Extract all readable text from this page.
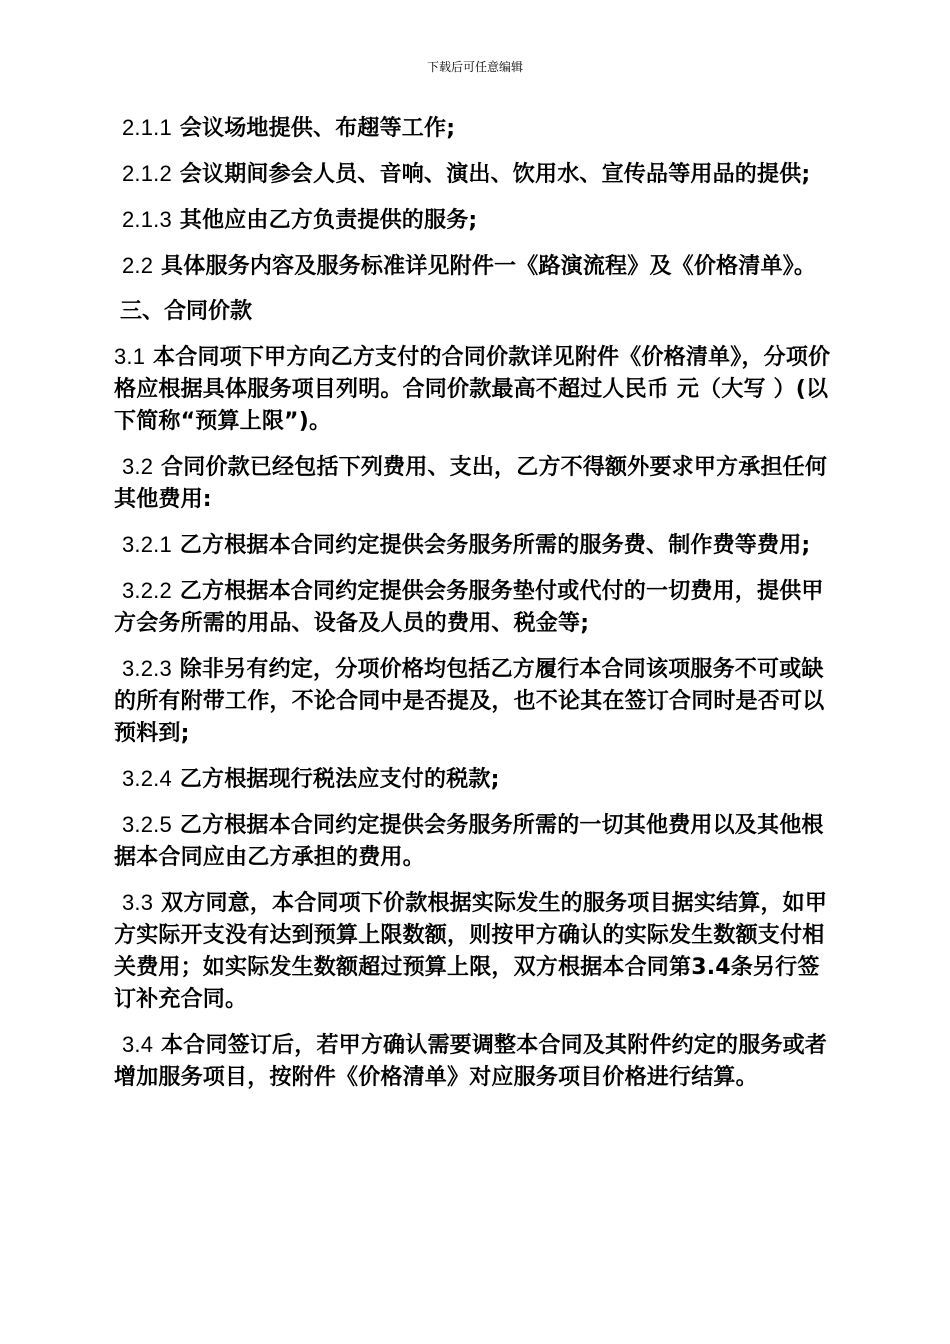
下载后可任意编辑

2.1.1 会议场地提供、布趐等工作;

2.1.2 会议期间参会人员、音响、演出、饮用水、宣传品等用品的提供;

2.1.3 其他应由乙方负责提供的服务;

2.2 具体服务内容及服务标准详见附件一《路演流程》及《价格清单》。

三、合同价款

3.1 本合同项下甲方向乙方支付的合同价款详见附件《价格清单》，分项价格应根据具体服务项目列明。合同价款最高不超过人民币 元（大写 ）(以下简称“预算上限”)。

3.2 合同价款已经包括下列费用、支出，乙方不得额外要求甲方承担任何其他费用:

3.2.1 乙方根据本合同约定提供会务服务所需的服务费、制作费等费用;

3.2.2 乙方根据本合同约定提供会务服务垫付或代付的一切费用，提供甲方会务所需的用品、设备及人员的费用、税金等;

3.2.3 除非另有约定，分项价格均包括乙方履行本合同该项服务不可或缺的所有附带工作，不论合同中是否提及，也不论其在签订合同时是否可以预料到;

3.2.4 乙方根据现行税法应支付的税款;

3.2.5 乙方根据本合同约定提供会务服务所需的一切其他费用以及其他根据本合同应由乙方承担的费用。

3.3 双方同意，本合同项下价款根据实际发生的服务项目据实结算，如甲方实际开支没有达到预算上限数额，则按甲方确认的实际发生数额支付相关费用；如实际发生数额超过预算上限，双方根据本合同第3.4条另行签订补充合同。

3.4 本合同签订后，若甲方确认需要调整本合同及其附件约定的服务或者增加服务项目，按附件《价格清单》对应服务项目价格进行结算。
